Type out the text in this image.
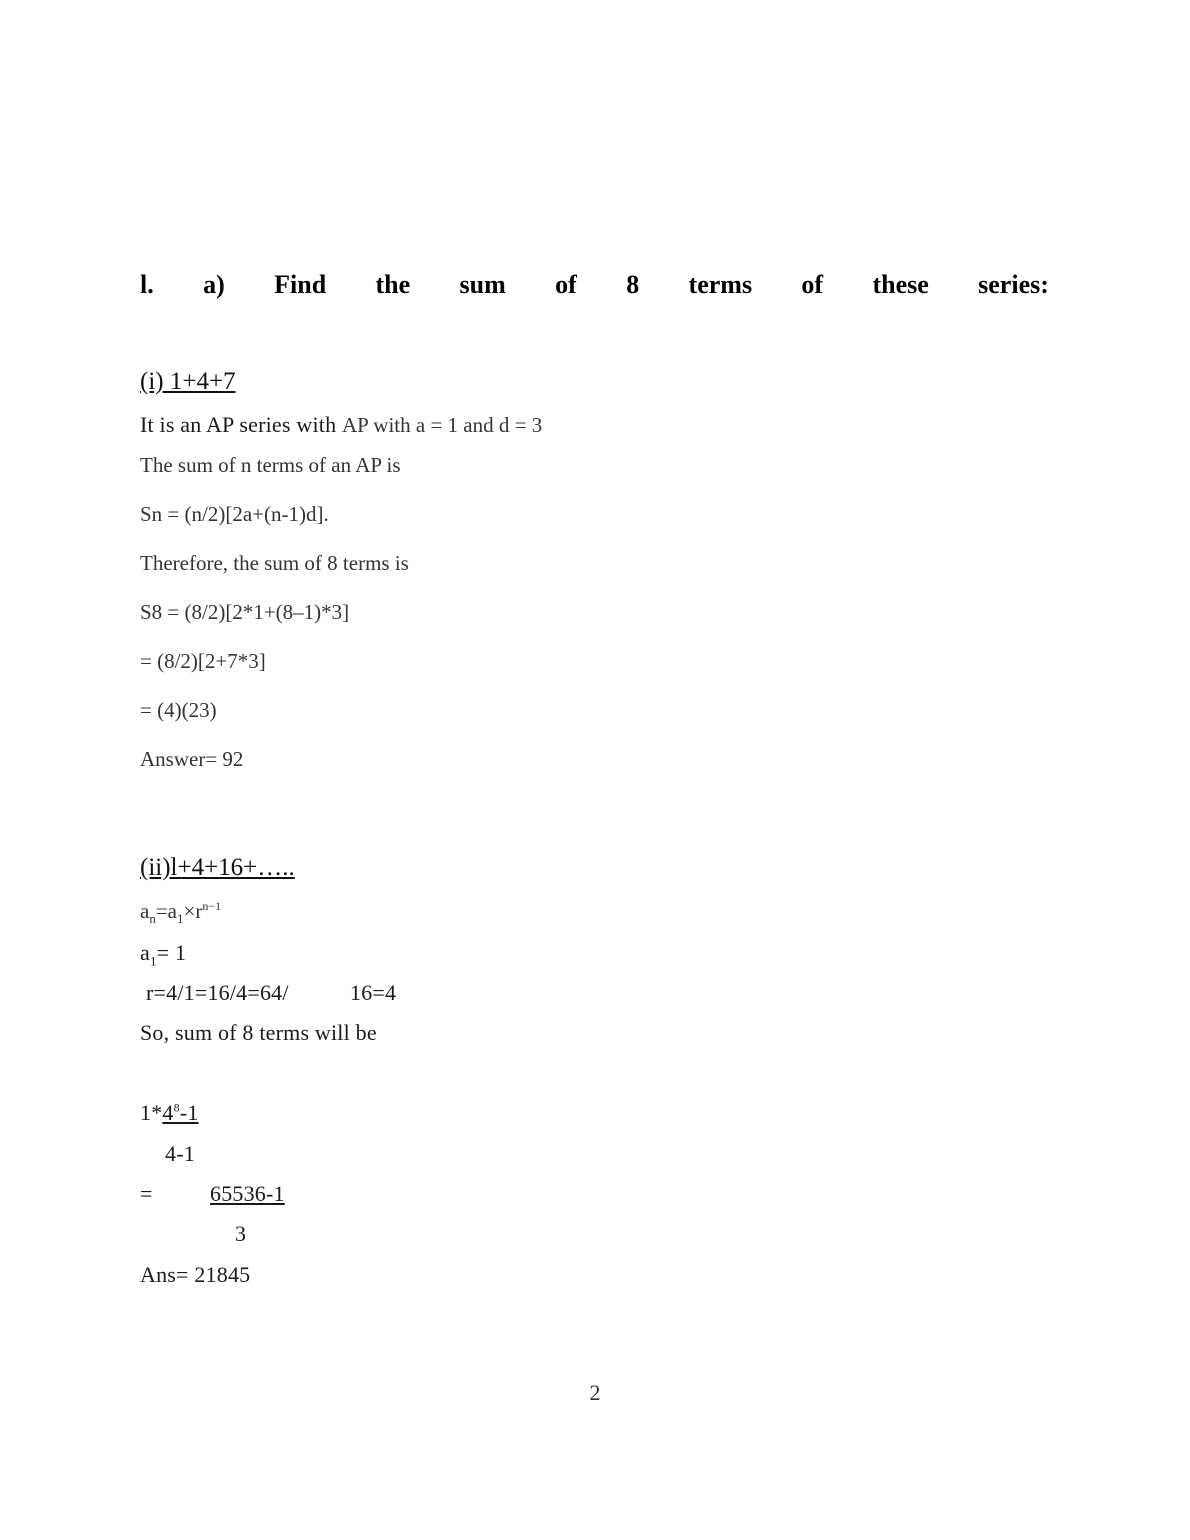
l. a) Find the sum of 8 terms of these series:
(i) 1+4+7
It is an AP series with AP with a = 1 and d = 3
The sum of n terms of an AP is
Sn = (n/2)[2a+(n-1)d].
Therefore, the sum of 8 terms is
S8 = (8/2)[2*1+(8–1)*3]
= (8/2)[2+7*3]
= (4)(23)
Answer= 92
(ii)l+4+16+…..
$a_n=a_1\times r^{n-1}$
$a_1= 1$
r=4/1=16/4=64/	16=4
So, sum of 8 terms will be
$1*4^8-1$
4-1
=	65536-1
3
Ans= 21845
2
